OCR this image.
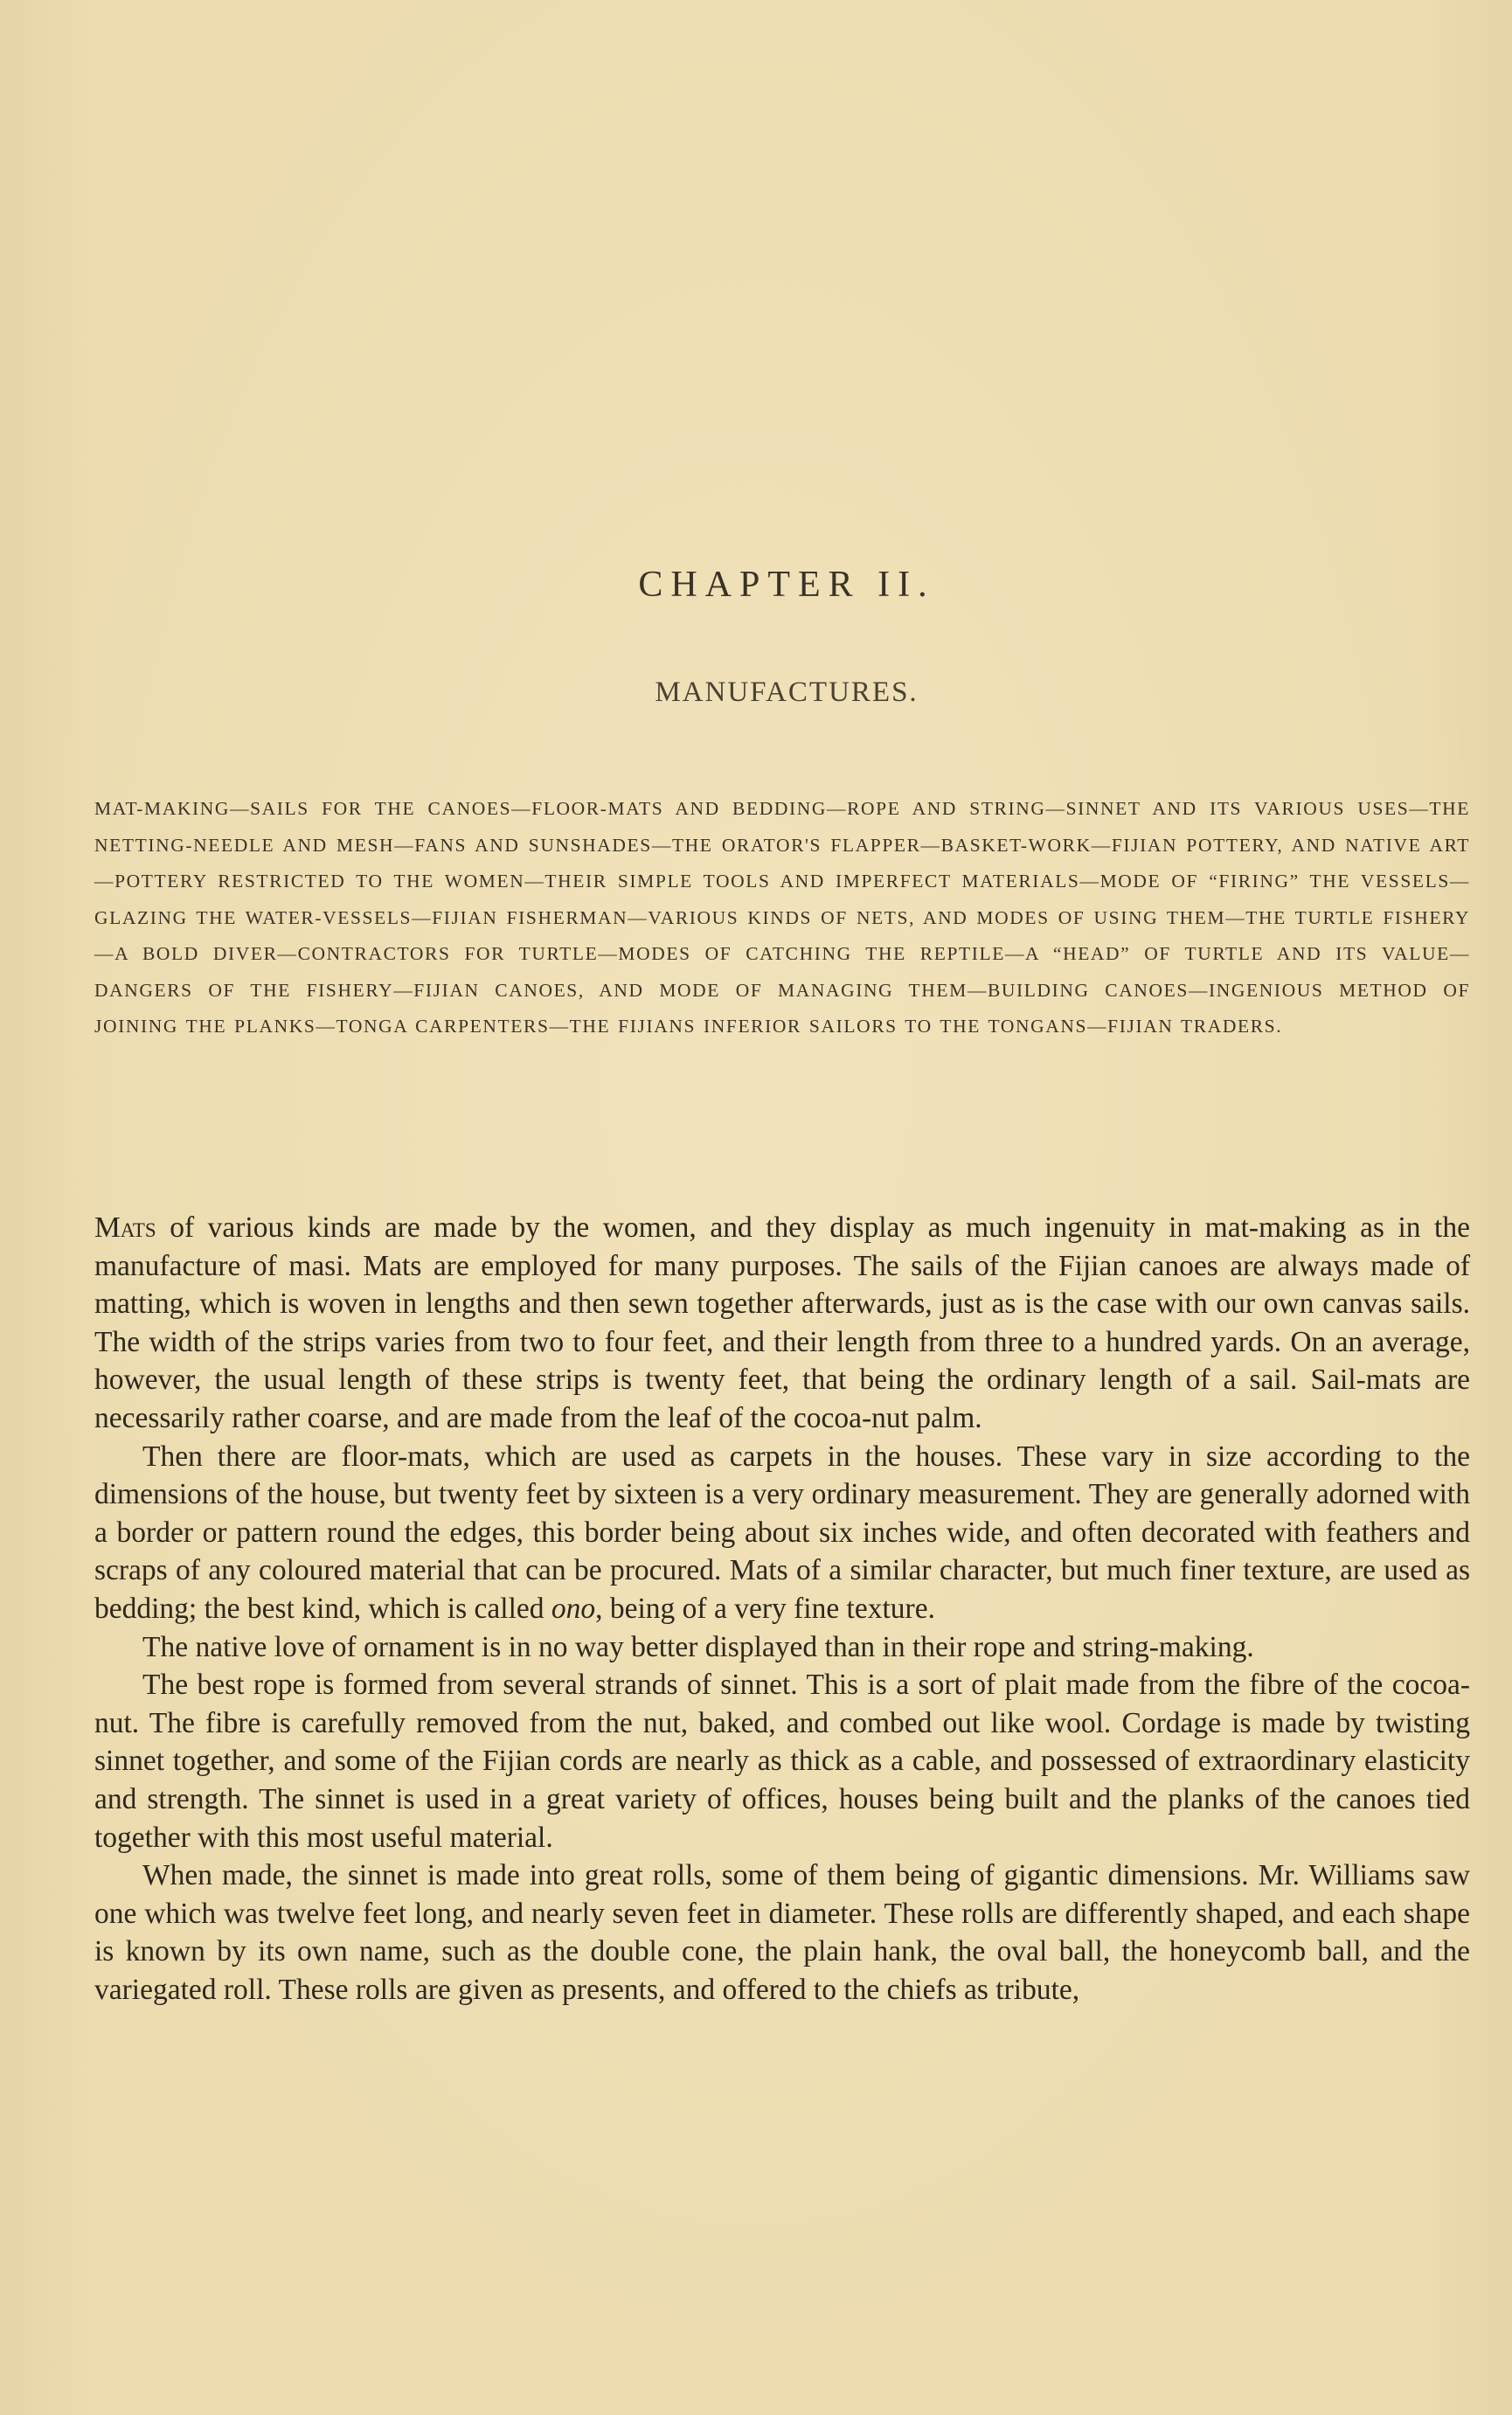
CHAPTER II.
MANUFACTURES.
MAT-MAKING—SAILS FOR THE CANOES—FLOOR-MATS AND BEDDING—ROPE AND STRING—SINNET AND ITS VARIOUS USES—THE NETTING-NEEDLE AND MESH—FANS AND SUNSHADES—THE ORATOR'S FLAPPER—BASKET-WORK—FIJIAN POTTERY, AND NATIVE ART—POTTERY RESTRICTED TO THE WOMEN—THEIR SIMPLE TOOLS AND IMPERFECT MATERIALS—MODE OF “FIRING” THE VESSELS—GLAZING THE WATER-VESSELS—FIJIAN FISHERMAN—VARIOUS KINDS OF NETS, AND MODES OF USING THEM—THE TURTLE FISHERY—A BOLD DIVER—CONTRACTORS FOR TURTLE—MODES OF CATCHING THE REPTILE—A “HEAD” OF TURTLE AND ITS VALUE—DANGERS OF THE FISHERY—FIJIAN CANOES, AND MODE OF MANAGING THEM—BUILDING CANOES—INGENIOUS METHOD OF JOINING THE PLANKS—TONGA CARPENTERS—THE FIJIANS INFERIOR SAILORS TO THE TONGANS—FIJIAN TRADERS.

Mats of various kinds are made by the women, and they display as much ingenuity in mat-making as in the manufacture of masi. Mats are employed for many purposes. The sails of the Fijian canoes are always made of matting, which is woven in lengths and then sewn together afterwards, just as is the case with our own canvas sails. The width of the strips varies from two to four feet, and their length from three to a hundred yards. On an average, however, the usual length of these strips is twenty feet, that being the ordinary length of a sail. Sail-mats are necessarily rather coarse, and are made from the leaf of the cocoa-nut palm.

Then there are floor-mats, which are used as carpets in the houses. These vary in size according to the dimensions of the house, but twenty feet by sixteen is a very ordinary measurement. They are generally adorned with a border or pattern round the edges, this border being about six inches wide, and often decorated with feathers and scraps of any coloured material that can be procured. Mats of a similar character, but much finer texture, are used as bedding; the best kind, which is called ono, being of a very fine texture.

The native love of ornament is in no way better displayed than in their rope and string-making.

The best rope is formed from several strands of sinnet. This is a sort of plait made from the fibre of the cocoa-nut. The fibre is carefully removed from the nut, baked, and combed out like wool. Cordage is made by twisting sinnet together, and some of the Fijian cords are nearly as thick as a cable, and possessed of extraordinary elasticity and strength. The sinnet is used in a great variety of offices, houses being built and the planks of the canoes tied together with this most useful material.

When made, the sinnet is made into great rolls, some of them being of gigantic dimensions. Mr. Williams saw one which was twelve feet long, and nearly seven feet in diameter. These rolls are differently shaped, and each shape is known by its own name, such as the double cone, the plain hank, the oval ball, the honeycomb ball, and the variegated roll. These rolls are given as presents, and offered to the chiefs as tribute,
